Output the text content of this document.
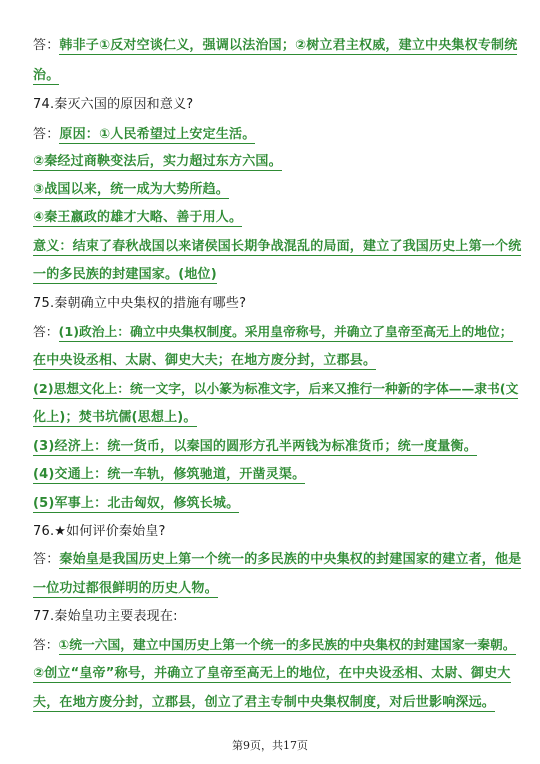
答：韩非子①反对空谈仁义，强调以法治国；②树立君主权威，建立中央集权专制统
治。
74.秦灭六国的原因和意义?
答：原因：①人民希望过上安定生活。
②秦经过商鞅变法后，实力超过东方六国。
③战国以来，统一成为大势所趋。
④秦王嬴政的雄才大略、善于用人。
意义：结束了春秋战国以来诸侯国长期争战混乱的局面，建立了我国历史上第一个统
一的多民族的封建国家。(地位)
75.秦朝确立中央集权的措施有哪些?
答：(1)政治上：确立中央集权制度。采用皇帝称号，并确立了皇帝至高无上的地位；
在中央设丞相、太尉、御史大夫；在地方废分封，立郡县。
(2)思想文化上：统一文字，以小篆为标准文字，后来又推行一种新的字体——隶书(文
化上)；焚书坑儒(思想上)。
(3)经济上：统一货币，以秦国的圆形方孔半两钱为标准货币；统一度量衡。
(4)交通上：统一车轨，修筑驰道，开凿灵渠。
(5)军事上：北击匈奴，修筑长城。
76.★如何评价秦始皇?
答：秦始皇是我国历史上第一个统一的多民族的中央集权的封建国家的建立者，他是
一位功过都很鲜明的历史人物。
77.秦始皇功主要表现在:
答：①统一六国，建立中国历史上第一个统一的多民族的中央集权的封建国家一秦朝。
②创立“皇帝”称号，并确立了皇帝至高无上的地位，在中央设丞相、太尉、御史大
夫，在地方废分封，立郡县，创立了君主专制中央集权制度，对后世影响深远。
第9页，共17页
